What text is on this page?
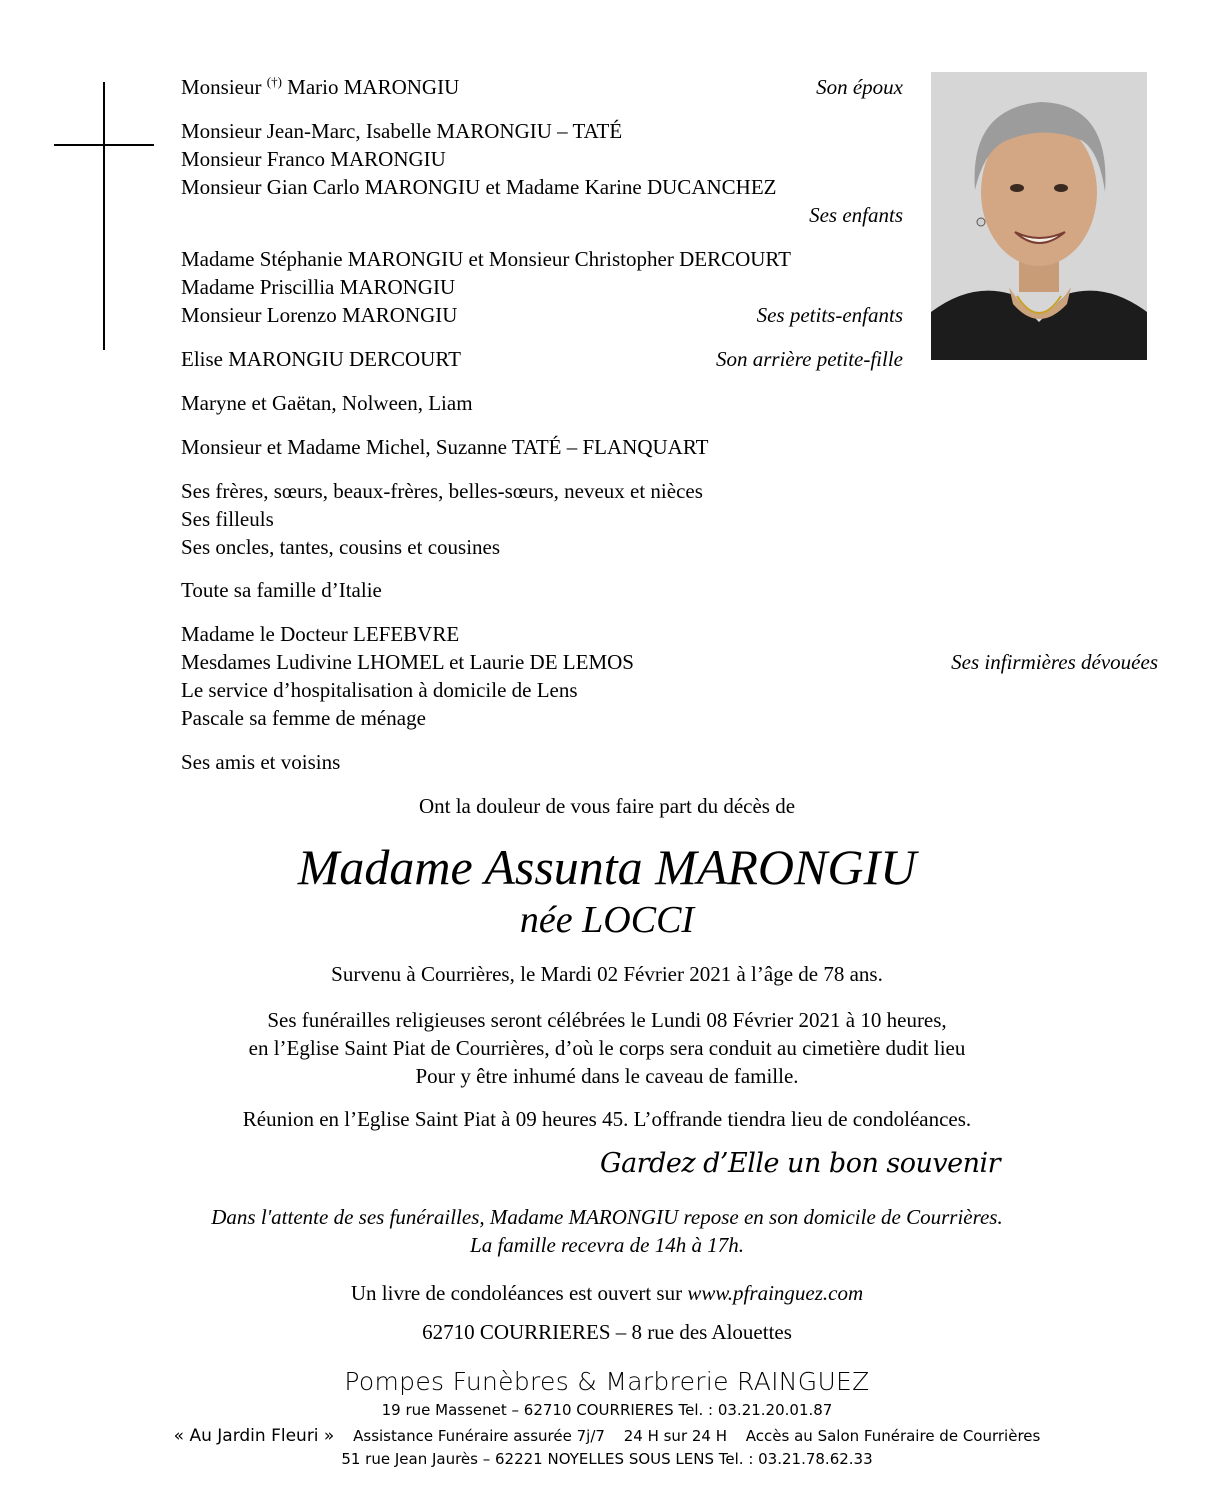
Monsieur (†) Mario MARONGIU	Son époux
Monsieur Jean-Marc, Isabelle MARONGIU – TATÉ
Monsieur Franco MARONGIU
Monsieur Gian Carlo MARONGIU et Madame Karine DUCANCHEZ
Ses enfants
Madame Stéphanie MARONGIU et Monsieur Christopher DERCOURT
Madame Priscillia MARONGIU
Monsieur Lorenzo MARONGIU	Ses petits-enfants
Elise MARONGIU DERCOURT	Son arrière petite-fille
Maryne et Gaëtan, Nolween, Liam
Monsieur et Madame Michel, Suzanne TATÉ – FLANQUART
Ses frères, sœurs, beaux-frères, belles-sœurs, neveux et nièces
Ses filleuls
Ses oncles, tantes, cousins et cousines
Toute sa famille d’Italie
Madame le Docteur LEFEBVRE
Mesdames Ludivine LHOMEL et Laurie DE LEMOS
Le service d’hospitalisation à domicile de Lens
Pascale sa femme de ménage
Ses infirmières dévouées
Ses amis et voisins
Ont la douleur de vous faire part du décès de
Madame Assunta MARONGIU
née LOCCI
Survenu à Courrières, le Mardi 02 Février 2021 à l’âge de 78 ans.
Ses funérailles religieuses seront célébrées le Lundi 08 Février 2021 à 10 heures,
en l’Eglise Saint Piat de Courrières, d’où le corps sera conduit au cimetière dudit lieu
Pour y être inhumé dans le caveau de famille.
Réunion en l’Eglise Saint Piat à 09 heures 45. L’offrande tiendra lieu de condoléances.
Gardez d’Elle un bon souvenir
Dans l'attente de ses funérailles, Madame MARONGIU repose en son domicile de Courrières.
La famille recevra de 14h à 17h.
Un livre de condoléances est ouvert sur www.pfrainguez.com
62710 COURRIERES – 8 rue des Alouettes
Pompes Funèbres & Marbrerie RAINGUEZ
19 rue Massenet – 62710 COURRIERES Tel. : 03.21.20.01.87
« Au Jardin Fleuri » Assistance Funéraire assurée 7j/7 24 H sur 24 H Accès au Salon Funéraire de Courrières
51 rue Jean Jaurès – 62221 NOYELLES SOUS LENS Tel. : 03.21.78.62.33
